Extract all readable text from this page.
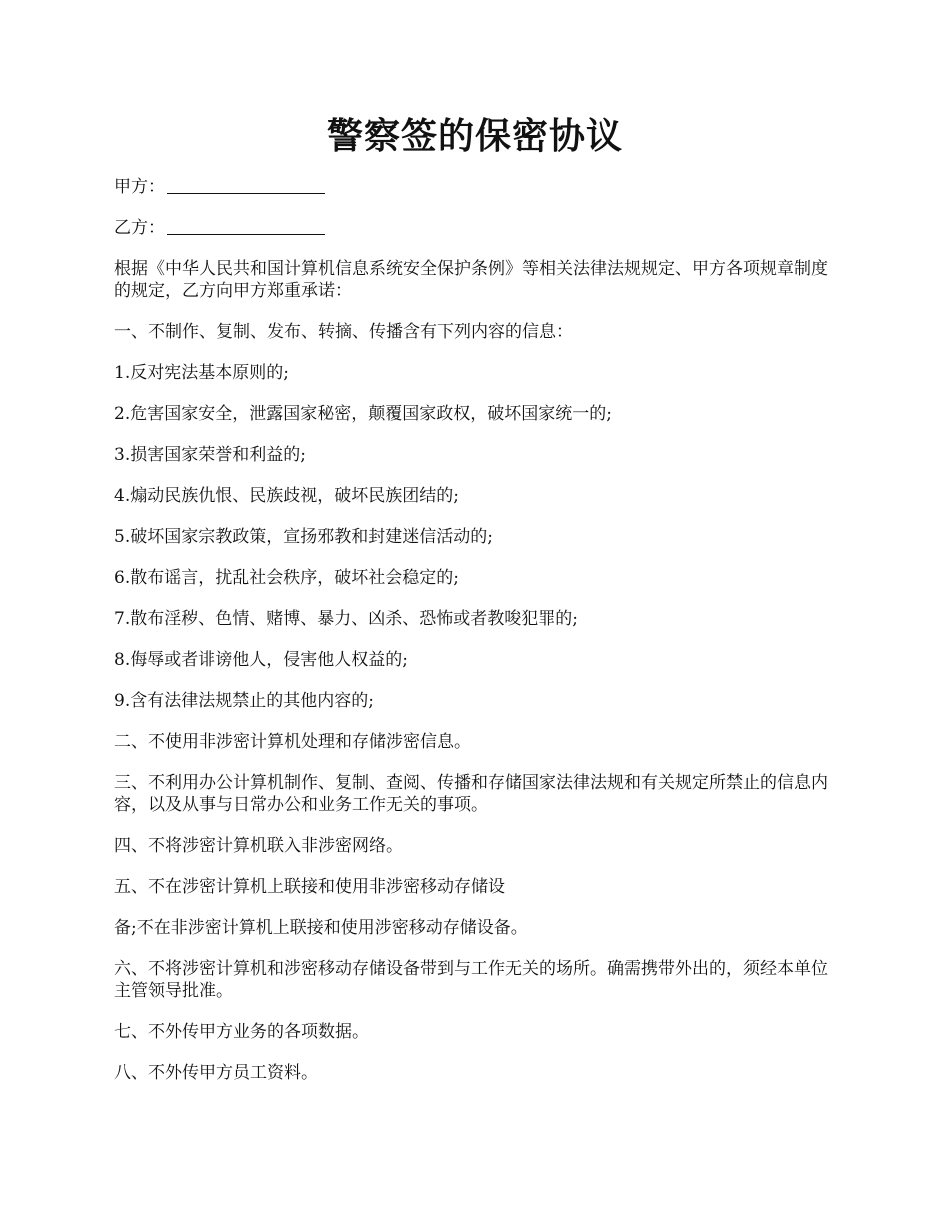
警察签的保密协议
甲方：
乙方：

根据《中华人民共和国计算机信息系统安全保护条例》等相关法律法规规定、甲方各项规章制度的规定，乙方向甲方郑重承诺：

一、不制作、复制、发布、转摘、传播含有下列内容的信息：

1.反对宪法基本原则的;

2.危害国家安全，泄露国家秘密，颠覆国家政权，破坏国家统一的;

3.损害国家荣誉和利益的;

4.煽动民族仇恨、民族歧视，破坏民族团结的;

5.破坏国家宗教政策，宣扬邪教和封建迷信活动的;

6.散布谣言，扰乱社会秩序，破坏社会稳定的;

7.散布淫秽、色情、赌博、暴力、凶杀、恐怖或者教唆犯罪的;

8.侮辱或者诽谤他人，侵害他人权益的;

9.含有法律法规禁止的其他内容的;

二、不使用非涉密计算机处理和存储涉密信息。

三、不利用办公计算机制作、复制、查阅、传播和存储国家法律法规和有关规定所禁止的信息内容，以及从事与日常办公和业务工作无关的事项。

四、不将涉密计算机联入非涉密网络。

五、不在涉密计算机上联接和使用非涉密移动存储设

备;不在非涉密计算机上联接和使用涉密移动存储设备。

六、不将涉密计算机和涉密移动存储设备带到与工作无关的场所。确需携带外出的，须经本单位主管领导批准。

七、不外传甲方业务的各项数据。

八、不外传甲方员工资料。
